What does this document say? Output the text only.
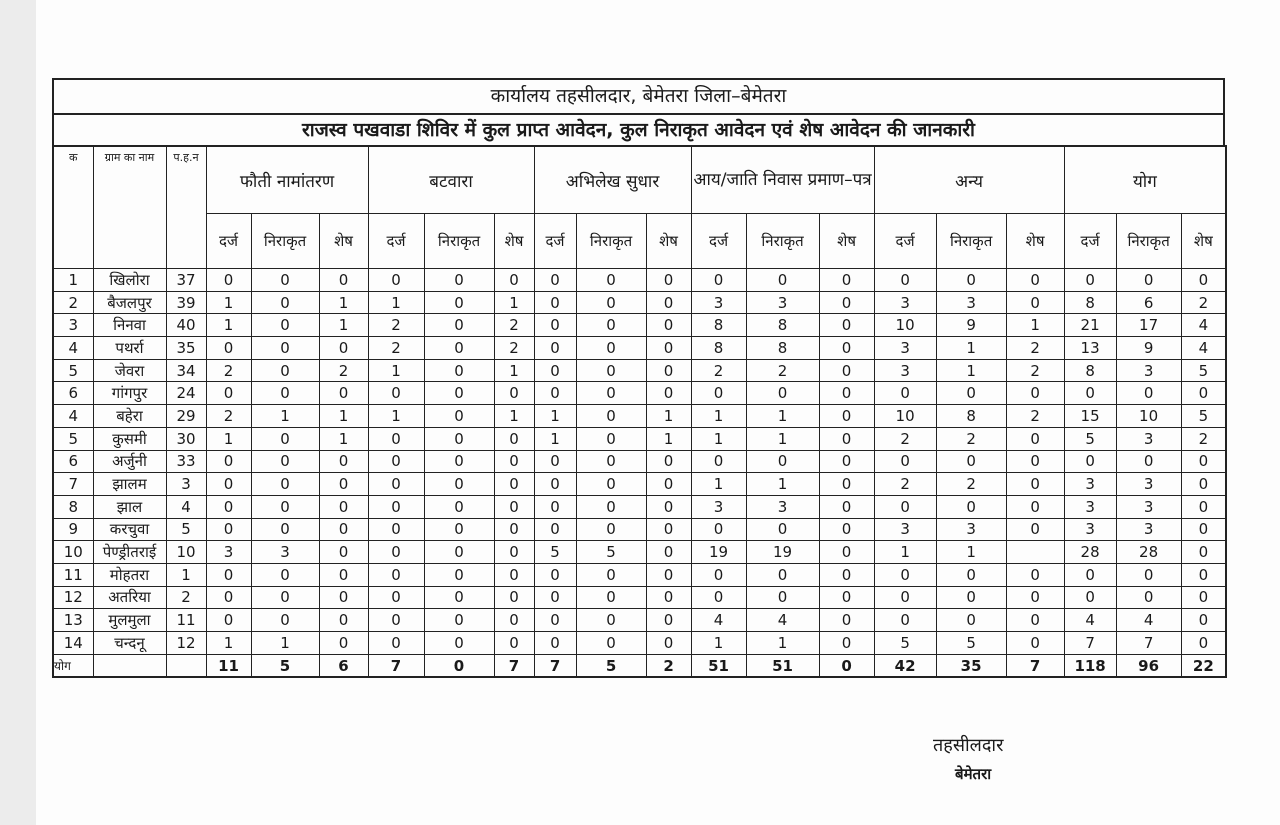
कार्यालय तहसीलदार, बेमेतरा जिला–बेमेतरा
राजस्व पखवाडा शिविर में कुल प्राप्त आवेदन, कुल निराकृत आवेदन एवं शेष आवेदन की जानकारी
क	ग्राम का नाम	प.ह.न	फौती नामांतरण			बटवारा			अभिलेख सुधार			आय/जाति निवास प्रमाण–पत्र			अन्य			योग		
			दर्ज	निराकृत	शेष	दर्ज	निराकृत	शेष	दर्ज	निराकृत	शेष	दर्ज	निराकृत	शेष	दर्ज	निराकृत	शेष	दर्ज	निराकृत	शेष
1	खिलोरा	37	0	0	0	0	0	0	0	0	0	0	0	0	0	0	0	0	0	0
2	बैजलपुर	39	1	0	1	1	0	1	0	0	0	3	3	0	3	3	0	8	6	2
3	निनवा	40	1	0	1	2	0	2	0	0	0	8	8	0	10	9	1	21	17	4
4	पथर्रा	35	0	0	0	2	0	2	0	0	0	8	8	0	3	1	2	13	9	4
5	जेवरा	34	2	0	2	1	0	1	0	0	0	2	2	0	3	1	2	8	3	5
6	गांगपुर	24	0	0	0	0	0	0	0	0	0	0	0	0	0	0	0	0	0	0
4	बहेरा	29	2	1	1	1	0	1	1	0	1	1	1	0	10	8	2	15	10	5
5	कुसमी	30	1	0	1	0	0	0	1	0	1	1	1	0	2	2	0	5	3	2
6	अर्जुनी	33	0	0	0	0	0	0	0	0	0	0	0	0	0	0	0	0	0	0
7	झालम	3	0	0	0	0	0	0	0	0	0	1	1	0	2	2	0	3	3	0
8	झाल	4	0	0	0	0	0	0	0	0	0	3	3	0	0	0	0	3	3	0
9	करचुवा	5	0	0	0	0	0	0	0	0	0	0	0	0	3	3	0	3	3	0
10	पेण्ड्रीतराई	10	3	3	0	0	0	0	5	5	0	19	19	0	1	1		28	28	0
11	मोहतरा	1	0	0	0	0	0	0	0	0	0	0	0	0	0	0	0	0	0	0
12	अतरिया	2	0	0	0	0	0	0	0	0	0	0	0	0	0	0	0	0	0	0
13	मुलमुला	11	0	0	0	0	0	0	0	0	0	4	4	0	0	0	0	4	4	0
14	चन्दनू	12	1	1	0	0	0	0	0	0	0	1	1	0	5	5	0	7	7	0
योग			11	5	6	7	0	7	7	5	2	51	51	0	42	35	7	118	96	22
तहसीलदार
बेमेतरा
